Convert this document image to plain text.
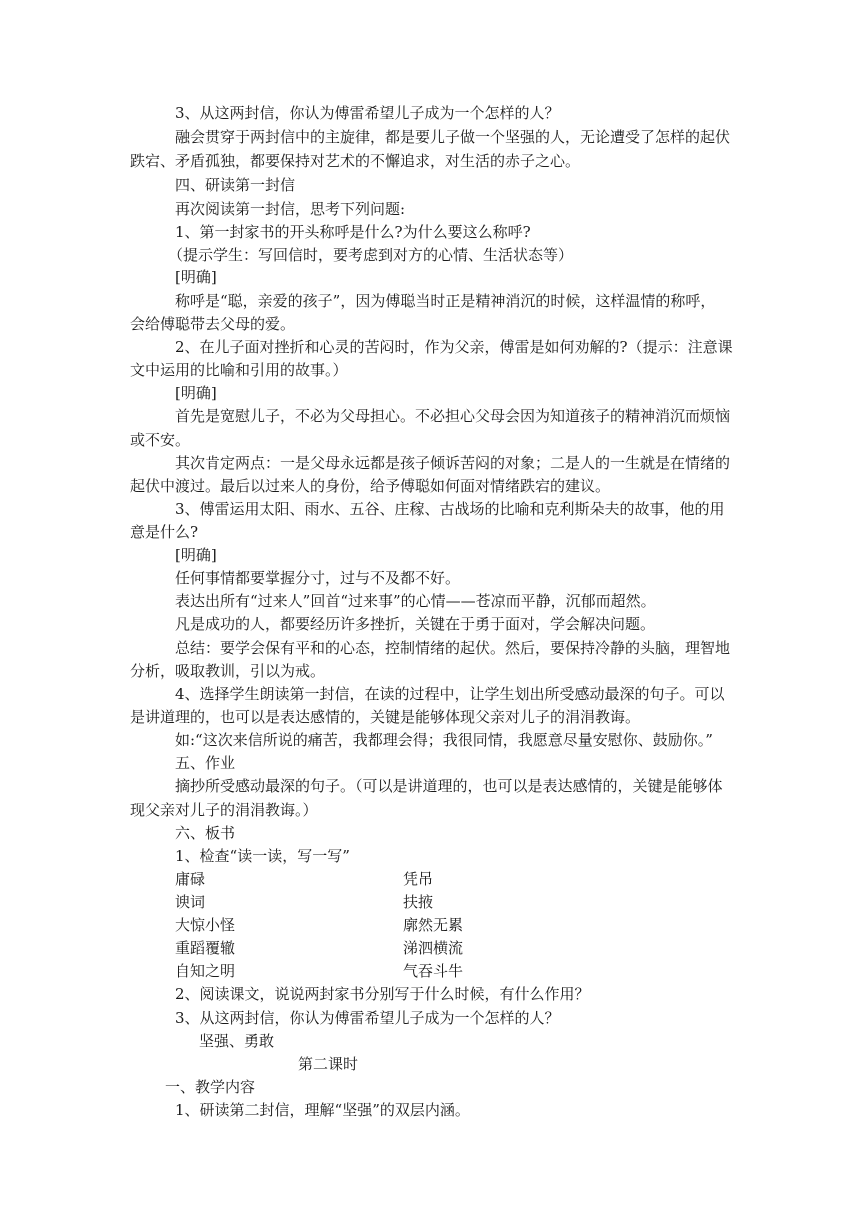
3、从这两封信，你认为傅雷希望儿子成为一个怎样的人？
融会贯穿于两封信中的主旋律，都是要儿子做一个坚强的人，无论遭受了怎样的起伏
跌宕、矛盾孤独，都要保持对艺术的不懈追求，对生活的赤子之心。
四、研读第一封信
再次阅读第一封信，思考下列问题:
1、第一封家书的开头称呼是什么?为什么要这么称呼?
（提示学生：写回信时，要考虑到对方的心情、生活状态等）
[明确]
称呼是“聪，亲爱的孩子”，因为傅聪当时正是精神消沉的时候，这样温情的称呼，
会给傅聪带去父母的爱。
2、在儿子面对挫折和心灵的苦闷时，作为父亲，傅雷是如何劝解的?（提示：注意课
文中运用的比喻和引用的故事。）
[明确]
首先是宽慰儿子，不必为父母担心。不必担心父母会因为知道孩子的精神消沉而烦恼
或不安。
其次肯定两点：一是父母永远都是孩子倾诉苦闷的对象；二是人的一生就是在情绪的
起伏中渡过。最后以过来人的身份，给予傅聪如何面对情绪跌宕的建议。
3、傅雷运用太阳、雨水、五谷、庄稼、古战场的比喻和克利斯朵夫的故事，他的用
意是什么?
[明确]
任何事情都要掌握分寸，过与不及都不好。
表达出所有“过来人”回首“过来事”的心情——苍凉而平静，沉郁而超然。
凡是成功的人，都要经历许多挫折，关键在于勇于面对，学会解决问题。
总结：要学会保有平和的心态，控制情绪的起伏。然后，要保持冷静的头脑，理智地
分析，吸取教训，引以为戒。
4、选择学生朗读第一封信，在读的过程中，让学生划出所受感动最深的句子。可以
是讲道理的，也可以是表达感情的，关键是能够体现父亲对儿子的涓涓教诲。
如:“这次来信所说的痛苦，我都理会得；我很同情，我愿意尽量安慰你、鼓励你。”
五、作业
摘抄所受感动最深的句子。（可以是讲道理的，也可以是表达感情的，关键是能够体
现父亲对儿子的涓涓教诲。）
六、板书
1、检查“读一读，写一写”
庸碌	凭吊
谀词	扶掖
大惊小怪	廓然无累
重蹈覆辙	涕泗横流
自知之明	气吞斗牛
2、阅读课文，说说两封家书分别写于什么时候，有什么作用？
3、从这两封信，你认为傅雷希望儿子成为一个怎样的人？
坚强、勇敢
第二课时
一、教学内容
1、研读第二封信，理解“坚强”的双层内涵。
